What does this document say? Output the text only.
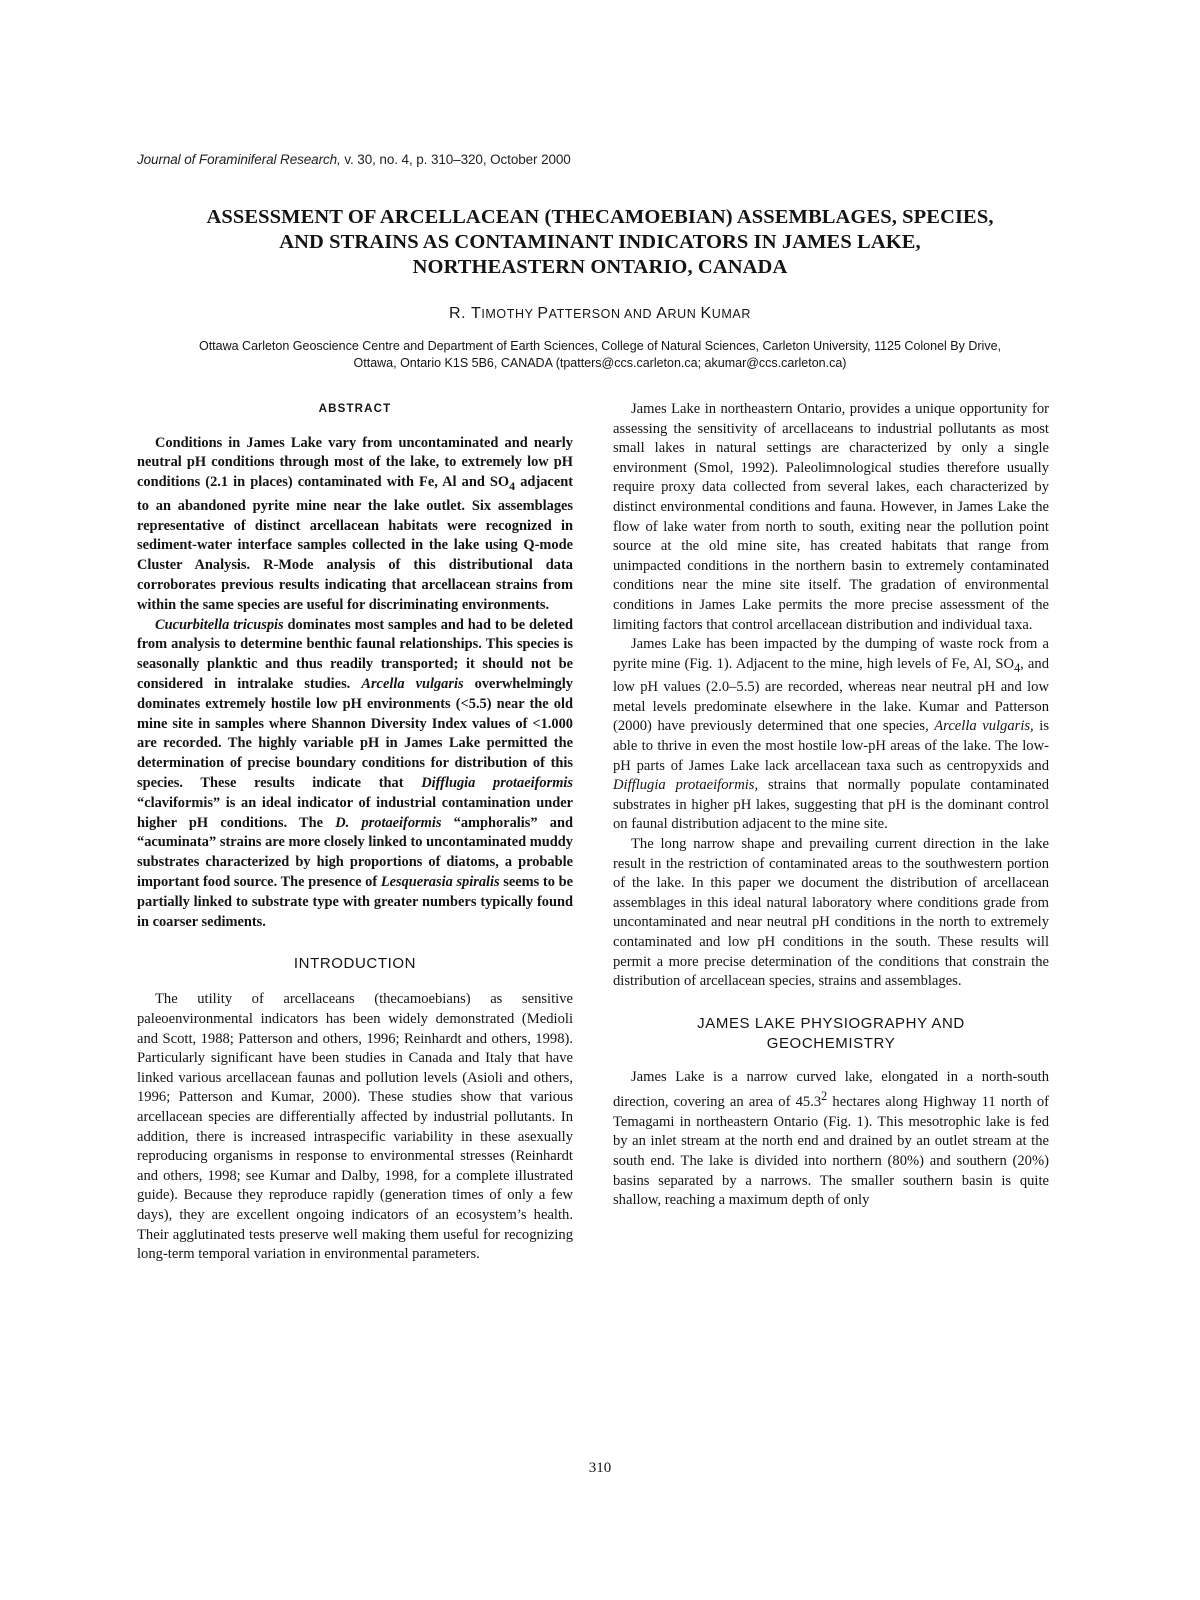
Journal of Foraminiferal Research, v. 30, no. 4, p. 310–320, October 2000
ASSESSMENT OF ARCELLACEAN (THECAMOEBIAN) ASSEMBLAGES, SPECIES,
AND STRAINS AS CONTAMINANT INDICATORS IN JAMES LAKE,
NORTHEASTERN ONTARIO, CANADA
R. TIMOTHY PATTERSON AND ARUN KUMAR
Ottawa Carleton Geoscience Centre and Department of Earth Sciences, College of Natural Sciences, Carleton University, 1125 Colonel By Drive,
Ottawa, Ontario K1S 5B6, CANADA (tpatters@ccs.carleton.ca; akumar@ccs.carleton.ca)
ABSTRACT

Conditions in James Lake vary from uncontaminated and nearly neutral pH conditions through most of the lake, to extremely low pH conditions (2.1 in places) contaminated with Fe, Al and $SO_4$ adjacent to an abandoned pyrite mine near the lake outlet. Six assemblages representative of distinct arcellacean habitats were recognized in sediment-water interface samples collected in the lake using Q-mode Cluster Analysis. R-Mode analysis of this distributional data corroborates previous results indicating that arcellacean strains from within the same species are useful for discriminating environments.

Cucurbitella tricuspis dominates most samples and had to be deleted from analysis to determine benthic faunal relationships. This species is seasonally planktic and thus readily transported; it should not be considered in intralake studies. Arcella vulgaris overwhelmingly dominates extremely hostile low pH environments (<5.5) near the old mine site in samples where Shannon Diversity Index values of <1.000 are recorded. The highly variable pH in James Lake permitted the determination of precise boundary conditions for distribution of this species. These results indicate that Difflugia protaeiformis “claviformis” is an ideal indicator of industrial contamination under higher pH conditions. The D. protaeiformis “amphoralis” and “acuminata” strains are more closely linked to uncontaminated muddy substrates characterized by high proportions of diatoms, a probable important food source. The presence of Lesquerasia spiralis seems to be partially linked to substrate type with greater numbers typically found in coarser sediments.

INTRODUCTION

The utility of arcellaceans (thecamoebians) as sensitive paleoenvironmental indicators has been widely demonstrated (Medioli and Scott, 1988; Patterson and others, 1996; Reinhardt and others, 1998). Particularly significant have been studies in Canada and Italy that have linked various arcellacean faunas and pollution levels (Asioli and others, 1996; Patterson and Kumar, 2000). These studies show that various arcellacean species are differentially affected by industrial pollutants. In addition, there is increased intraspecific variability in these asexually reproducing organisms in response to environmental stresses (Reinhardt and others, 1998; see Kumar and Dalby, 1998, for a complete illustrated guide). Because they reproduce rapidly (generation times of only a few days), they are excellent ongoing indicators of an ecosystem’s health. Their agglutinated tests preserve well making them useful for recognizing long-term temporal variation in environmental parameters.

James Lake in northeastern Ontario, provides a unique opportunity for assessing the sensitivity of arcellaceans to industrial pollutants as most small lakes in natural settings are characterized by only a single environment (Smol, 1992). Paleolimnological studies therefore usually require proxy data collected from several lakes, each characterized by distinct environmental conditions and fauna. However, in James Lake the flow of lake water from north to south, exiting near the pollution point source at the old mine site, has created habitats that range from unimpacted conditions in the northern basin to extremely contaminated conditions near the mine site itself. The gradation of environmental conditions in James Lake permits the more precise assessment of the limiting factors that control arcellacean distribution and individual taxa.

James Lake has been impacted by the dumping of waste rock from a pyrite mine (Fig. 1). Adjacent to the mine, high levels of Fe, Al, $SO_4$, and low pH values (2.0–5.5) are recorded, whereas near neutral pH and low metal levels predominate elsewhere in the lake. Kumar and Patterson (2000) have previously determined that one species, Arcella vulgaris, is able to thrive in even the most hostile low-pH areas of the lake. The low-pH parts of James Lake lack arcellacean taxa such as centropyxids and Difflugia protaeiformis, strains that normally populate contaminated substrates in higher pH lakes, suggesting that pH is the dominant control on faunal distribution adjacent to the mine site.

The long narrow shape and prevailing current direction in the lake result in the restriction of contaminated areas to the southwestern portion of the lake. In this paper we document the distribution of arcellacean assemblages in this ideal natural laboratory where conditions grade from uncontaminated and near neutral pH conditions in the north to extremely contaminated and low pH conditions in the south. These results will permit a more precise determination of the conditions that constrain the distribution of arcellacean species, strains and assemblages.

JAMES LAKE PHYSIOGRAPHY AND
GEOCHEMISTRY

James Lake is a narrow curved lake, elongated in a north-south direction, covering an area of 45.3$^2$ hectares along Highway 11 north of Temagami in northeastern Ontario (Fig. 1). This mesotrophic lake is fed by an inlet stream at the north end and drained by an outlet stream at the south end. The lake is divided into northern (80%) and southern (20%) basins separated by a narrows. The smaller southern basin is quite shallow, reaching a maximum depth of only

310
